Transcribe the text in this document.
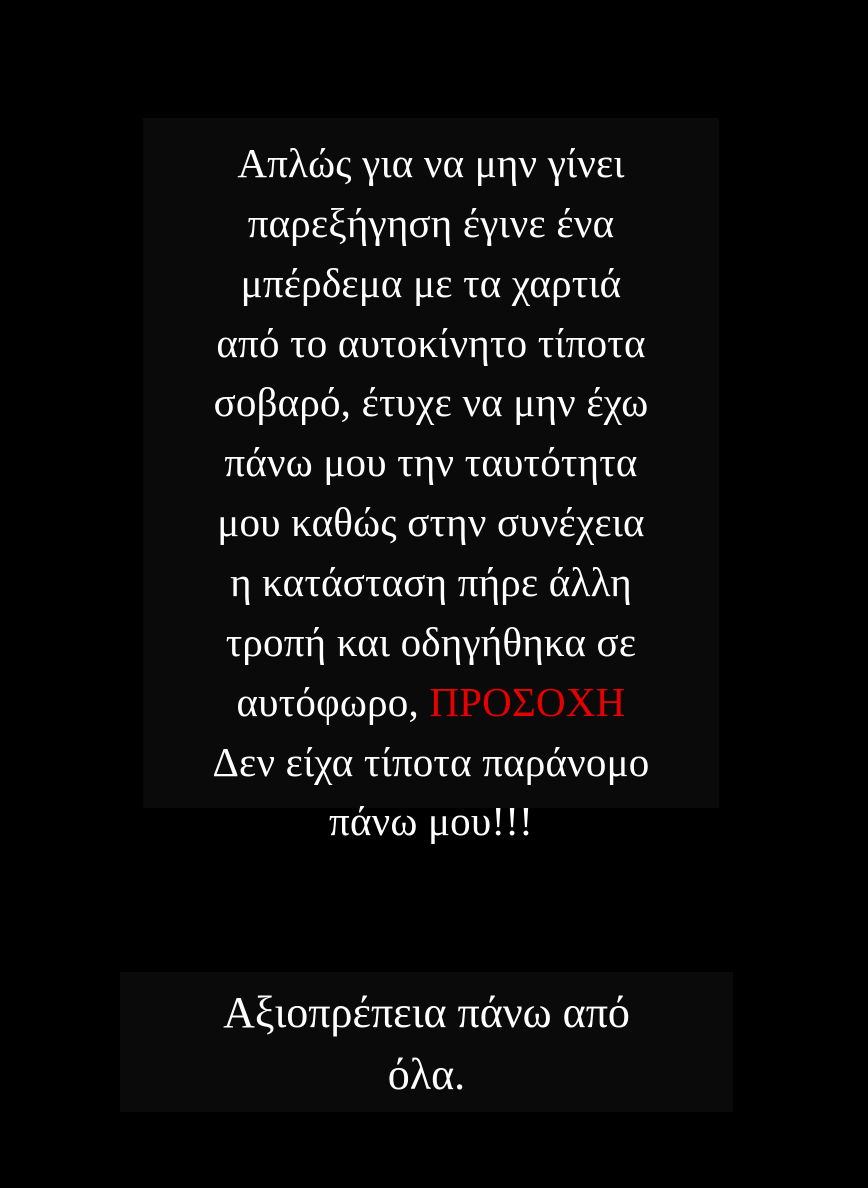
Απλώς για να μην γίνει
παρεξήγηση έγινε ένα
μπέρδεμα με τα χαρτιά
από το αυτοκίνητο τίποτα
σοβαρό, έτυχε να μην έχω
πάνω μου την ταυτότητα
μου καθώς στην συνέχεια
η κατάσταση πήρε άλλη
τροπή και οδηγήθηκα σε
αυτόφωρο, ΠΡΟΣΟΧΗ
Δεν είχα τίποτα παράνομο
πάνω μου!!!
Αξιοπρέπεια πάνω από
όλα.
